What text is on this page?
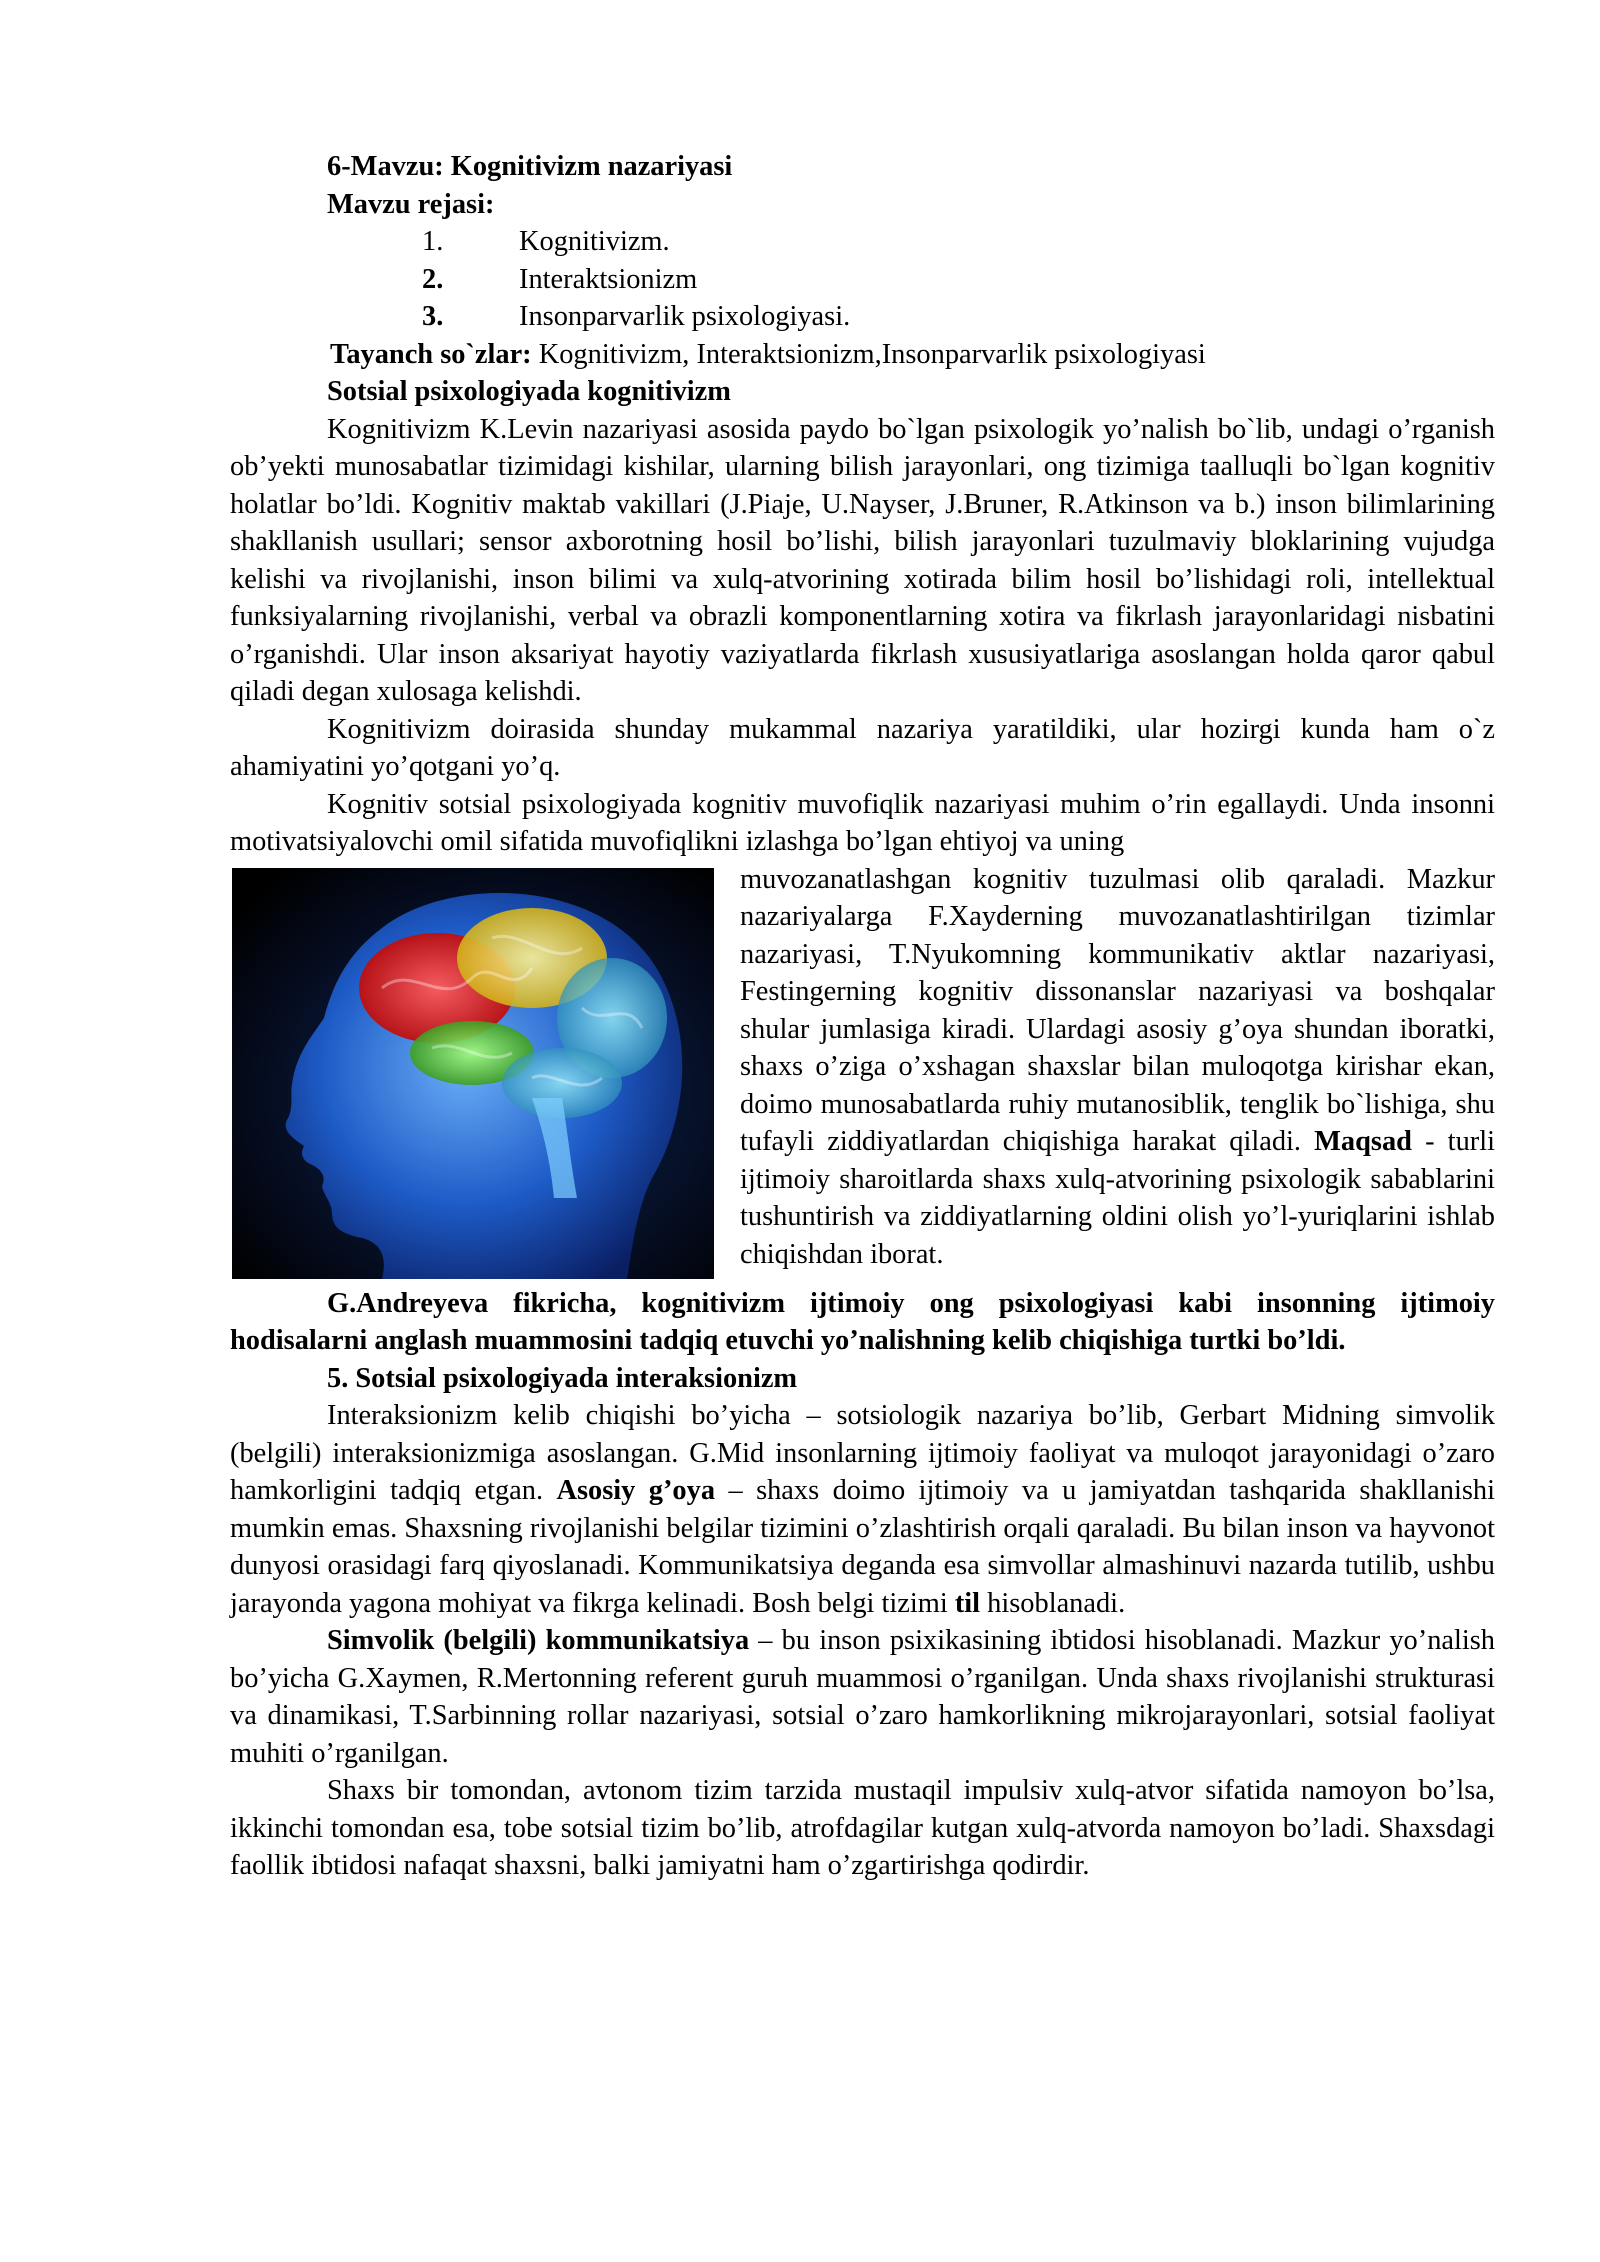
6-Mavzu: Kognitivizm nazariyasi

Mavzu rejasi:

1.	Kognitivizm.
2.	Interaktsionizm
3.	Insonparvarlik psixologiyasi.

Tayanch so`zlar: Kognitivizm, Interaktsionizm,Insonparvarlik psixologiyasi

Sotsial psixologiyada kognitivizm

Kognitivizm K.Levin nazariyasi asosida paydo bo`lgan psixologik yo’nalish bo`lib, undagi o’rganish ob’yekti munosabatlar tizimidagi kishilar, ularning bilish jarayonlari, ong tizimiga taalluqli bo`lgan kognitiv holatlar bo’ldi. Kognitiv maktab vakillari (J.Piaje, U.Nayser, J.Bruner, R.Atkinson va b.) inson bilimlarining shakllanish usullari; sensor axborotning hosil bo’lishi, bilish jarayonlari tuzulmaviy bloklarining vujudga kelishi va rivojlanishi, inson bilimi va xulq-atvorining xotirada bilim hosil bo’lishidagi roli, intellektual funksiyalarning rivojlanishi, verbal va obrazli komponentlarning xotira va fikrlash jarayonlaridagi nisbatini o’rganishdi. Ular inson aksariyat hayotiy vaziyatlarda fikrlash xususiyatlariga asoslangan holda qaror qabul qiladi degan xulosaga kelishdi.

Kognitivizm doirasida shunday mukammal nazariya yaratildiki, ular hozirgi kunda ham o`z ahamiyatini yo’qotgani yo’q.

Kognitiv sotsial psixologiyada kognitiv muvofiqlik nazariyasi muhim o’rin egallaydi. Unda insonni motivatsiyalovchi omil sifatida muvofiqlikni izlashga bo’lgan ehtiyoj va uning

muvozanatlashgan kognitiv tuzulmasi olib qaraladi. Mazkur nazariyalarga F.Xayderning muvozanatlashtirilgan tizimlar nazariyasi, T.Nyukomning kommunikativ aktlar nazariyasi, Festingerning kognitiv dissonanslar nazariyasi va boshqalar shular jumlasiga kiradi. Ulardagi asosiy g’oya shundan iboratki, shaxs o’ziga o’xshagan shaxslar bilan muloqotga kirishar ekan, doimo munosabatlarda ruhiy mutanosiblik, tenglik bo`lishiga, shu tufayli ziddiyatlardan chiqishiga harakat qiladi. Maqsad - turli ijtimoiy sharoitlarda shaxs xulq-atvorining psixologik sabablarini tushuntirish va ziddiyatlarning oldini olish yo’l-yuriqlarini ishlab chiqishdan iborat.

G.Andreyeva fikricha, kognitivizm ijtimoiy ong psixologiyasi kabi insonning ijtimoiy hodisalarni anglash muammosini tadqiq etuvchi yo’nalishning kelib chiqishiga turtki bo’ldi.

5. Sotsial psixologiyada interaksionizm

Interaksionizm kelib chiqishi bo’yicha – sotsiologik nazariya bo’lib, Gerbart Midning simvolik (belgili) interaksionizmiga asoslangan. G.Mid insonlarning ijtimoiy faoliyat va muloqot jarayonidagi o’zaro hamkorligini tadqiq etgan. Asosiy g’oya – shaxs doimo ijtimoiy va u jamiyatdan tashqarida shakllanishi mumkin emas. Shaxsning rivojlanishi belgilar tizimini o’zlashtirish orqali qaraladi. Bu bilan inson va hayvonot dunyosi orasidagi farq qiyoslanadi. Kommunikatsiya deganda esa simvollar almashinuvi nazarda tutilib, ushbu jarayonda yagona mohiyat va fikrga kelinadi. Bosh belgi tizimi til hisoblanadi.

Simvolik (belgili) kommunikatsiya – bu inson psixikasining ibtidosi hisoblanadi. Mazkur yo’nalish bo’yicha G.Xaymen, R.Mertonning referent guruh muammosi o’rganilgan. Unda shaxs rivojlanishi strukturasi va dinamikasi, T.Sarbinning rollar nazariyasi, sotsial o’zaro hamkorlikning mikrojarayonlari, sotsial faoliyat muhiti o’rganilgan.

Shaxs bir tomondan, avtonom tizim tarzida mustaqil impulsiv xulq-atvor sifatida namoyon bo’lsa, ikkinchi tomondan esa, tobe sotsial tizim bo’lib, atrofdagilar kutgan xulq-atvorda namoyon bo’ladi. Shaxsdagi faollik ibtidosi nafaqat shaxsni, balki jamiyatni ham o’zgartirishga qodirdir.
